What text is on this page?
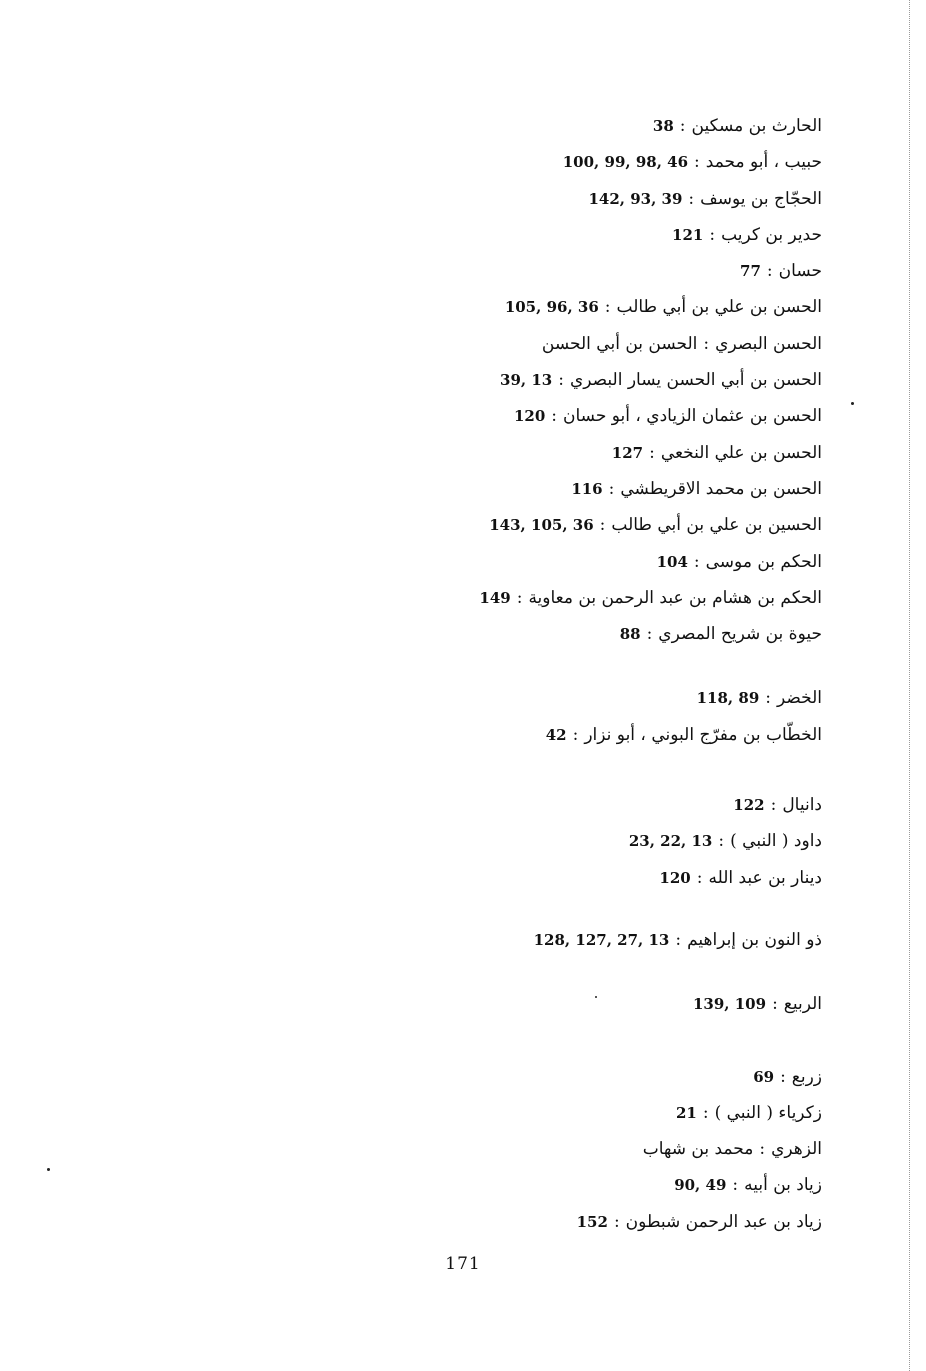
الحارث بن مسكين:38
حبيب ، أبو محمد:100, 99, 98, 46
الحجّاج بن يوسف:142, 93, 39
حدير بن كريب:121
حسان:77
الحسن بن علي بن أبي طالب:105, 96, 36
الحسن البصري:الحسن بن أبي الحسن
الحسن بن أبي الحسن يسار البصري:39, 13
الحسن بن عثمان الزيادي ، أبو حسان:120
الحسن بن علي النخعي:127
الحسن بن محمد الاقريطشي:116
الحسين بن علي بن أبي طالب:143, 105, 36
الحكم بن موسى:104
الحكم بن هشام بن عبد الرحمن بن معاوية:149
حيوة بن شريح المصري:88
الخضر:118, 89
الخطّاب بن مفرّج البوني ، أبو نزار:42
دانيال:122
داود ( النبي ):23, 22, 13
دينار بن عبد الله:120
ذو النون بن إبراهيم:128, 127, 27, 13
الربيع:139, 109
زربع:69
زكرياء ( النبي ):21
الزهري:محمد بن شهاب
زياد بن أبيه:90, 49
زياد بن عبد الرحمن شبطون:152
171
